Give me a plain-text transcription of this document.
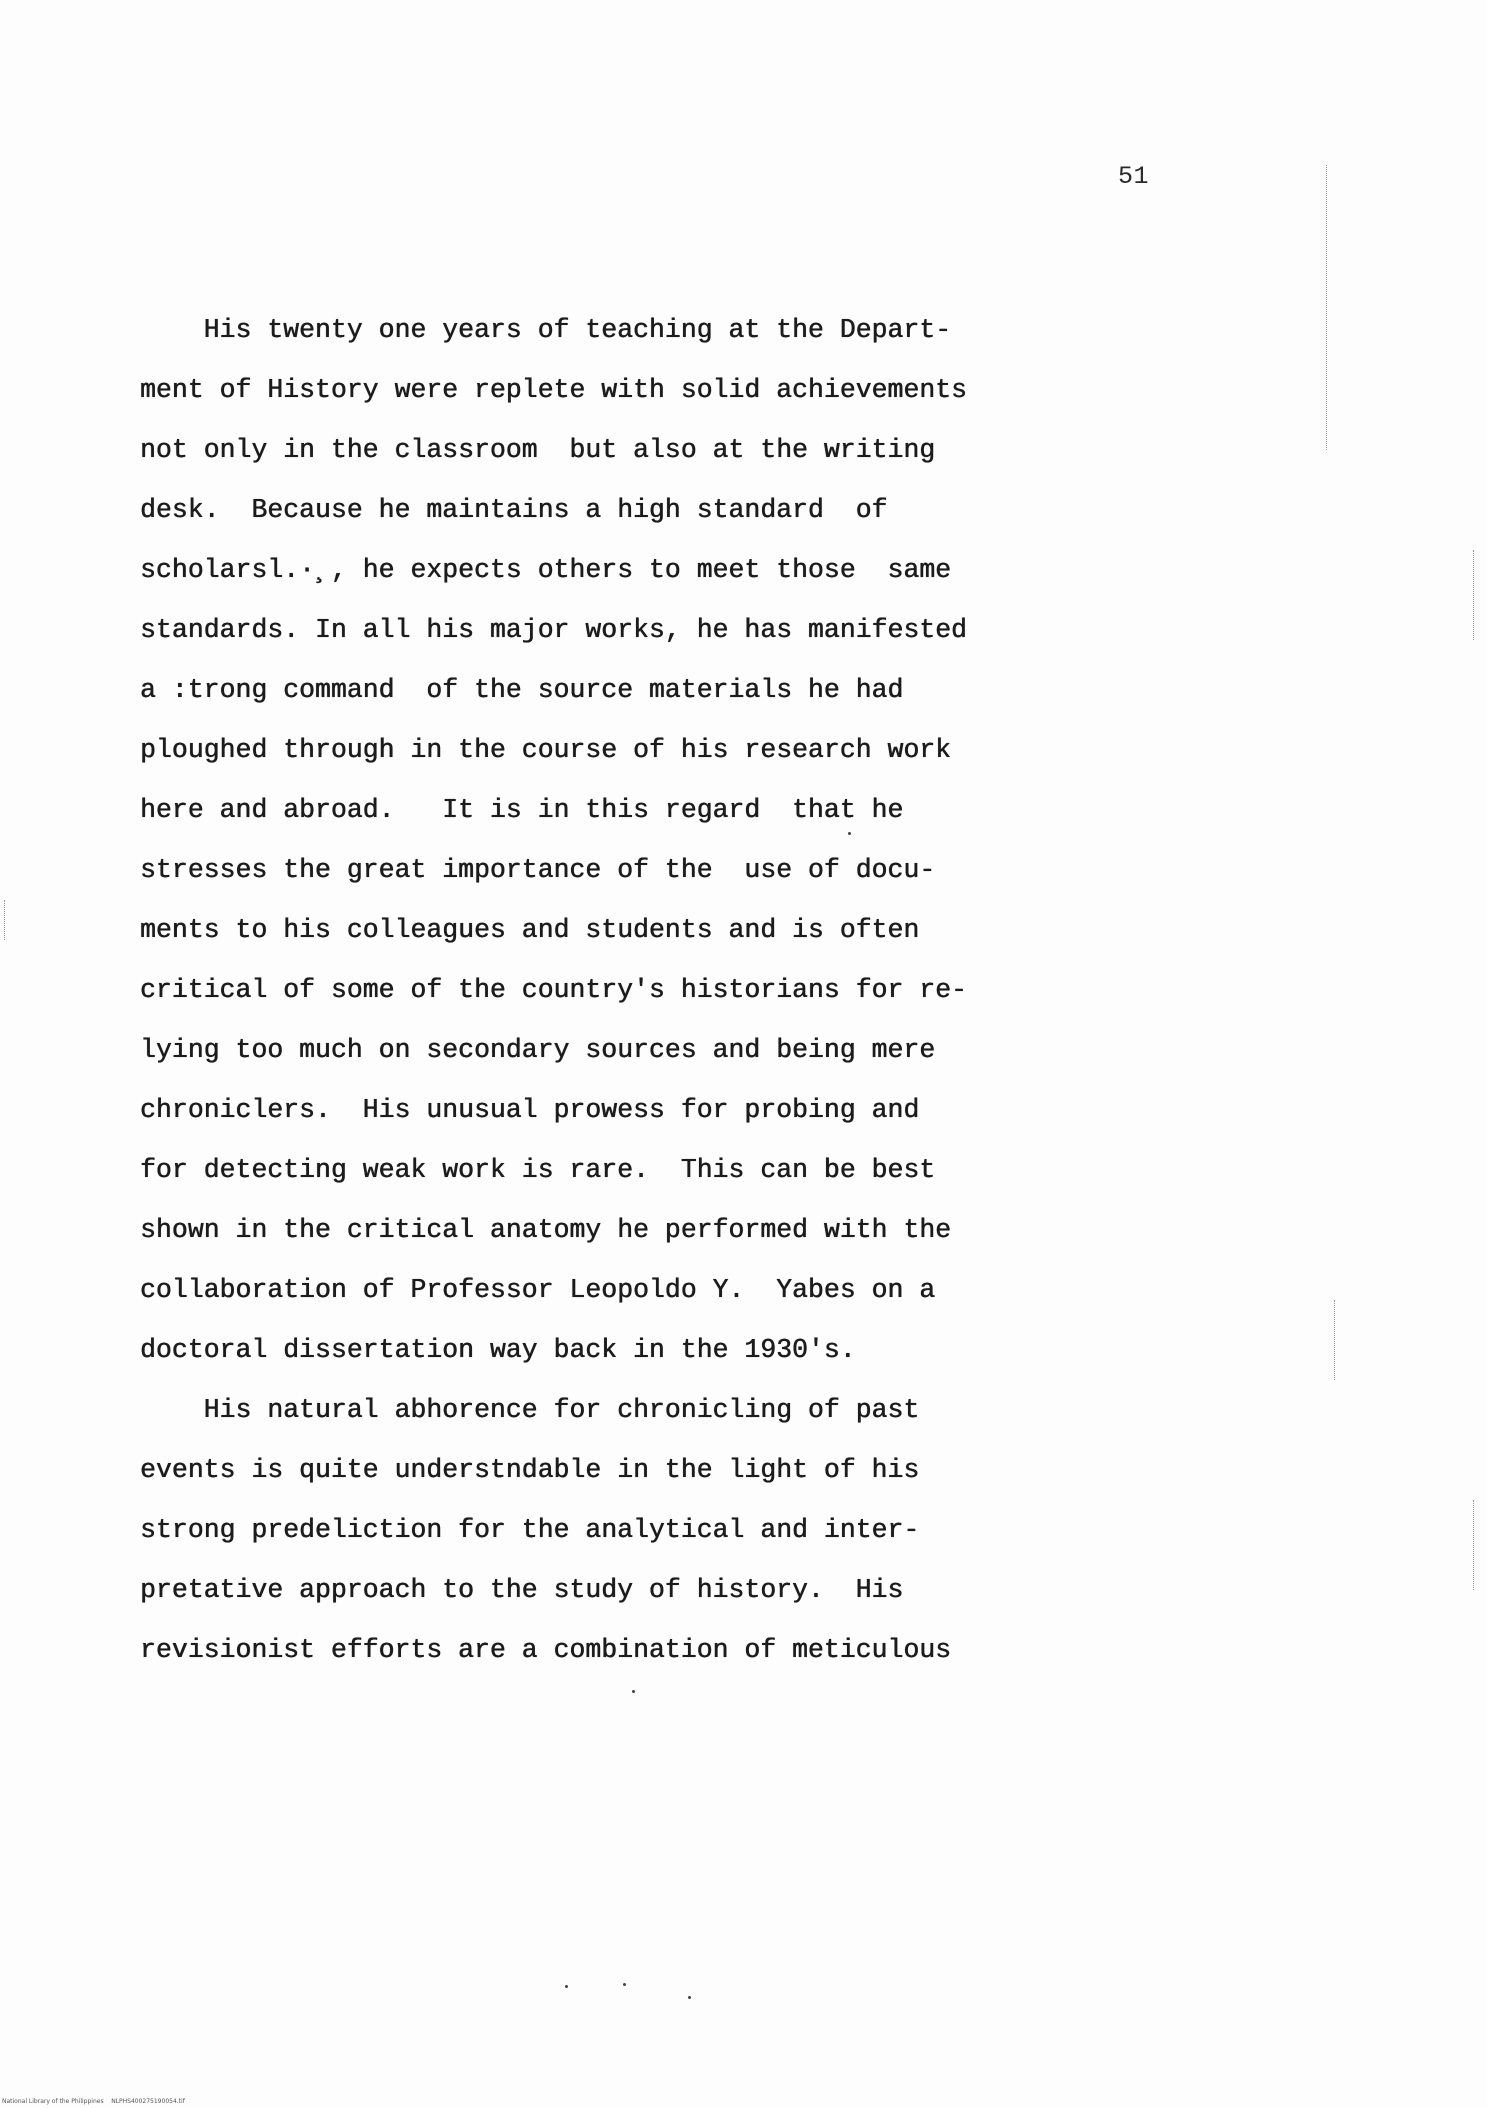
51
His twenty one years of teaching at the Depart-
ment of History were replete with solid achievements
not only in the classroom  but also at the writing
desk.  Because he maintains a high standard  of
scholarsl.·¸, he expects others to meet those  same
standards. In all his major works, he has manifested
a :trong command  of the source materials he had
ploughed through in the course of his research work
here and abroad.   It is in this regard  that he
stresses the great importance of the  use of docu-
ments to his colleagues and students and is often
critical of some of the country's historians for re-
lying too much on secondary sources and being mere
chroniclers.  His unusual prowess for probing and
for detecting weak work is rare.  This can be best
shown in the critical anatomy he performed with the
collaboration of Professor Leopoldo Y.  Yabes on a
doctoral dissertation way back in the 1930's.
His natural abhorence for chronicling of past
events is quite understndable in the light of his
strong predeliction for the analytical and inter-
pretative approach to the study of history.  His
revisionist efforts are a combination of meticulous
National Library of the Philippines    NLPHS400275190054.tif
